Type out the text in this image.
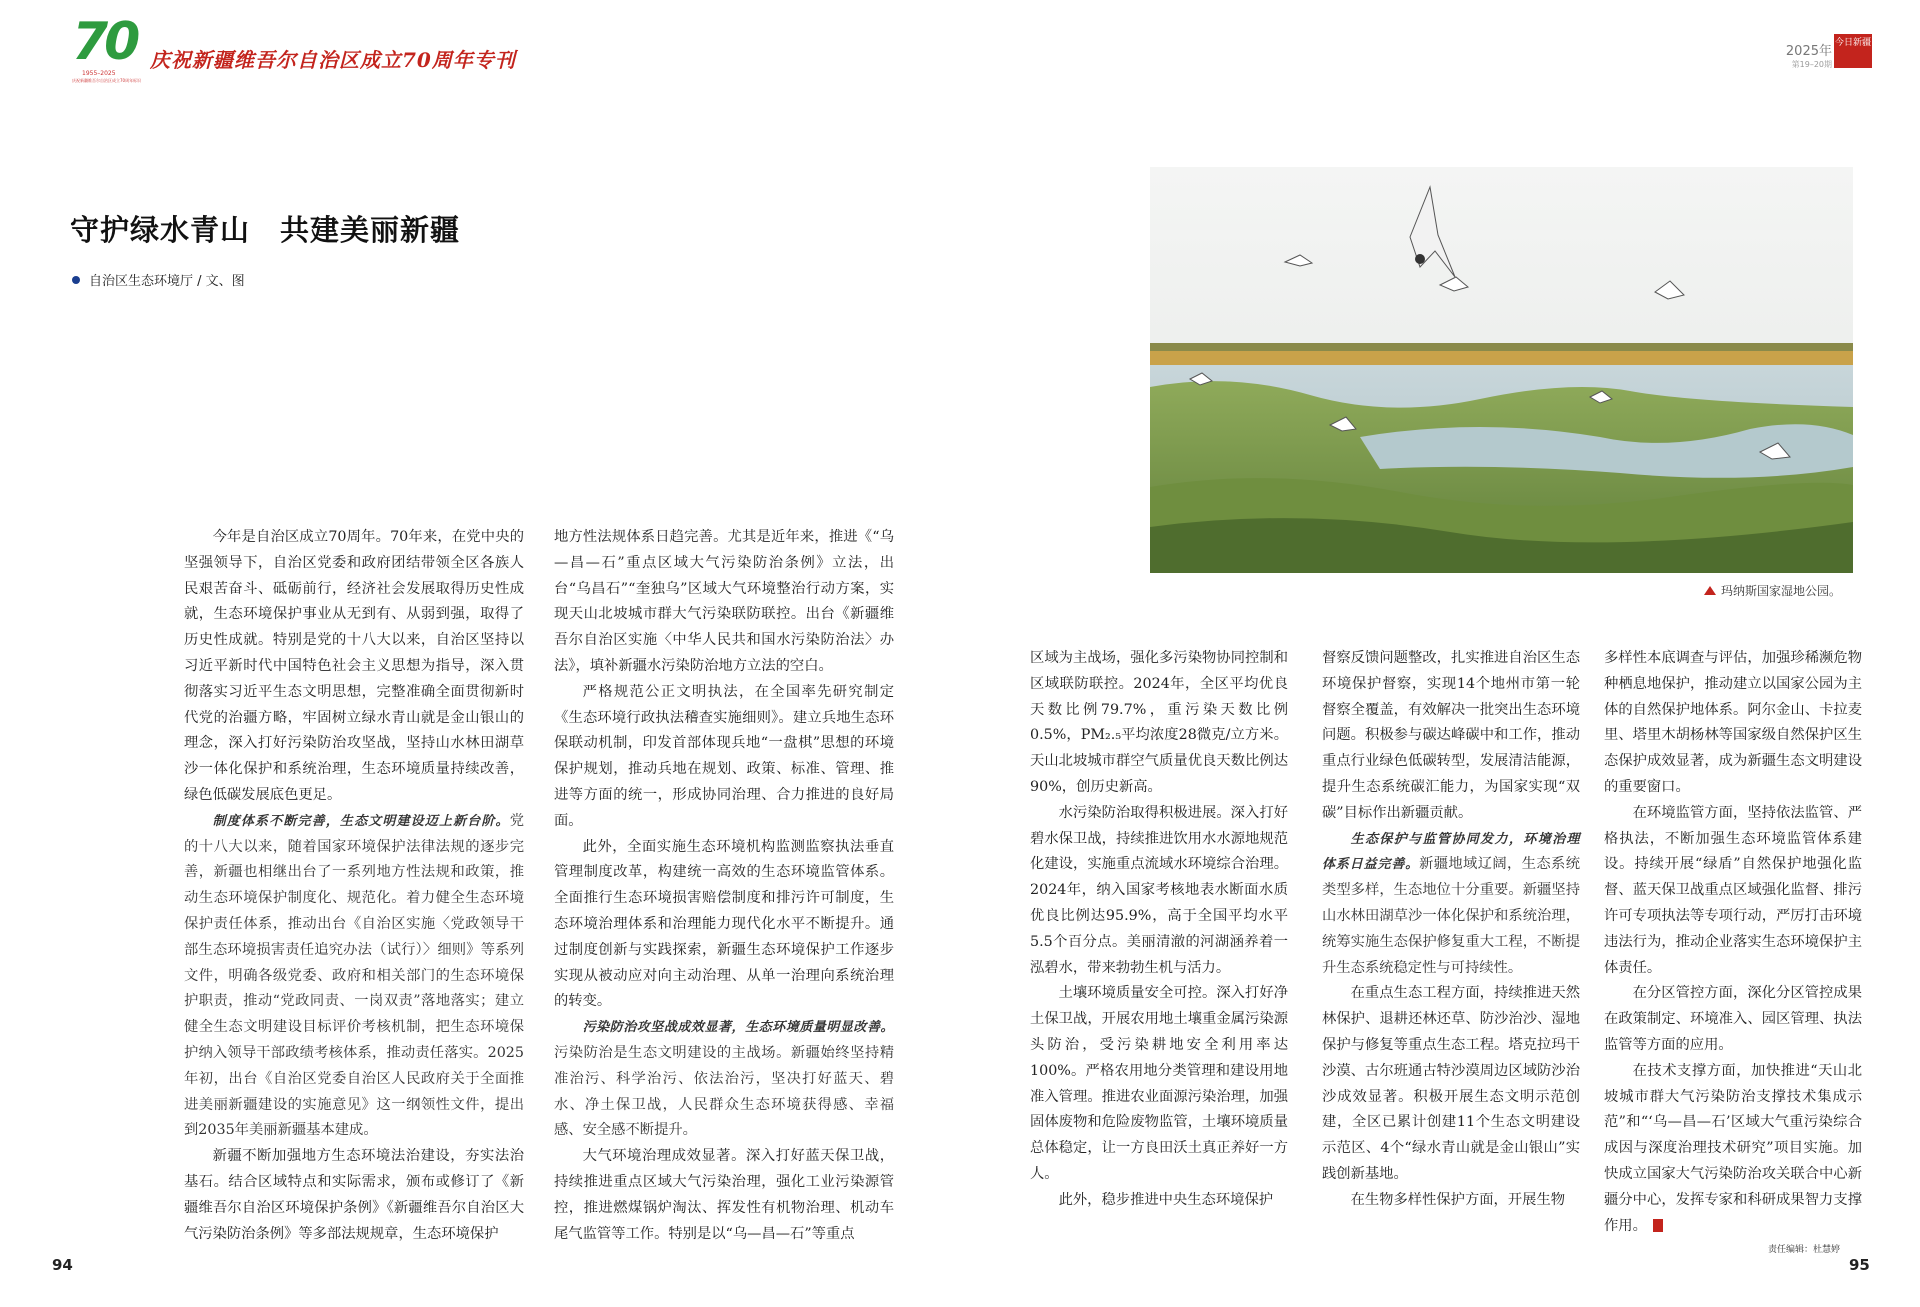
70
1955–2025
庆祝新疆维吾尔自治区成立70周年标识
庆祝新疆维吾尔自治区成立70周年专刊	2025年
第19–20期
今日新疆
守护绿水青山　共建美丽新疆
自治区生态环境厅 / 文、图
玛纳斯国家湿地公园。

今年是自治区成立70周年。70年来，在党中央的坚强领导下，自治区党委和政府团结带领全区各族人民艰苦奋斗、砥砺前行，经济社会发展取得历史性成就，生态环境保护事业从无到有、从弱到强，取得了历史性成就。特别是党的十八大以来，自治区坚持以习近平新时代中国特色社会主义思想为指导，深入贯彻落实习近平生态文明思想，完整准确全面贯彻新时代党的治疆方略，牢固树立绿水青山就是金山银山的理念，深入打好污染防治攻坚战，坚持山水林田湖草沙一体化保护和系统治理，生态环境质量持续改善，绿色低碳发展底色更足。

制度体系不断完善，生态文明建设迈上新台阶。党的十八大以来，随着国家环境保护法律法规的逐步完善，新疆也相继出台了一系列地方性法规和政策，推动生态环境保护制度化、规范化。着力健全生态环境保护责任体系，推动出台《自治区实施〈党政领导干部生态环境损害责任追究办法（试行）〉细则》等系列文件，明确各级党委、政府和相关部门的生态环境保护职责，推动“党政同责、一岗双责”落地落实；建立健全生态文明建设目标评价考核机制，把生态环境保护纳入领导干部政绩考核体系，推动责任落实。2025年初，出台《自治区党委自治区人民政府关于全面推进美丽新疆建设的实施意见》这一纲领性文件，提出到2035年美丽新疆基本建成。

新疆不断加强地方生态环境法治建设，夯实法治基石。结合区域特点和实际需求，颁布或修订了《新疆维吾尔自治区环境保护条例》《新疆维吾尔自治区大气污染防治条例》等多部法规规章，生态环境保护

地方性法规体系日趋完善。尤其是近年来，推进《“乌—昌—石”重点区域大气污染防治条例》立法，出台“乌昌石”“奎独乌”区域大气环境整治行动方案，实现天山北坡城市群大气污染联防联控。出台《新疆维吾尔自治区实施〈中华人民共和国水污染防治法〉办法》，填补新疆水污染防治地方立法的空白。

严格规范公正文明执法，在全国率先研究制定《生态环境行政执法稽查实施细则》。建立兵地生态环保联动机制，印发首部体现兵地“一盘棋”思想的环境保护规划，推动兵地在规划、政策、标准、管理、推进等方面的统一，形成协同治理、合力推进的良好局面。

此外，全面实施生态环境机构监测监察执法垂直管理制度改革，构建统一高效的生态环境监管体系。全面推行生态环境损害赔偿制度和排污许可制度，生态环境治理体系和治理能力现代化水平不断提升。通过制度创新与实践探索，新疆生态环境保护工作逐步实现从被动应对向主动治理、从单一治理向系统治理的转变。

污染防治攻坚战成效显著，生态环境质量明显改善。污染防治是生态文明建设的主战场。新疆始终坚持精准治污、科学治污、依法治污，坚决打好蓝天、碧水、净土保卫战，人民群众生态环境获得感、幸福感、安全感不断提升。

大气环境治理成效显著。深入打好蓝天保卫战，持续推进重点区域大气污染治理，强化工业污染源管控，推进燃煤锅炉淘汰、挥发性有机物治理、机动车尾气监管等工作。特别是以“乌—昌—石”等重点

区域为主战场，强化多污染物协同控制和区域联防联控。2024年，全区平均优良天数比例79.7%，重污染天数比例0.5%，PM₂.₅平均浓度28微克/立方米。天山北坡城市群空气质量优良天数比例达90%，创历史新高。

水污染防治取得积极进展。深入打好碧水保卫战，持续推进饮用水水源地规范化建设，实施重点流域水环境综合治理。2024年，纳入国家考核地表水断面水质优良比例达95.9%，高于全国平均水平5.5个百分点。美丽清澈的河湖涵养着一泓碧水，带来勃勃生机与活力。

土壤环境质量安全可控。深入打好净土保卫战，开展农用地土壤重金属污染源头防治，受污染耕地安全利用率达100%。严格农用地分类管理和建设用地准入管理。推进农业面源污染治理，加强固体废物和危险废物监管，土壤环境质量总体稳定，让一方良田沃土真正养好一方人。

此外，稳步推进中央生态环境保护

督察反馈问题整改，扎实推进自治区生态环境保护督察，实现14个地州市第一轮督察全覆盖，有效解决一批突出生态环境问题。积极参与碳达峰碳中和工作，推动重点行业绿色低碳转型，发展清洁能源，提升生态系统碳汇能力，为国家实现“双碳”目标作出新疆贡献。

生态保护与监管协同发力，环境治理体系日益完善。新疆地域辽阔，生态系统类型多样，生态地位十分重要。新疆坚持山水林田湖草沙一体化保护和系统治理，统筹实施生态保护修复重大工程，不断提升生态系统稳定性与可持续性。

在重点生态工程方面，持续推进天然林保护、退耕还林还草、防沙治沙、湿地保护与修复等重点生态工程。塔克拉玛干沙漠、古尔班通古特沙漠周边区域防沙治沙成效显著。积极开展生态文明示范创建，全区已累计创建11个生态文明建设示范区、4个“绿水青山就是金山银山”实践创新基地。

在生物多样性保护方面，开展生物

多样性本底调查与评估，加强珍稀濒危物种栖息地保护，推动建立以国家公园为主体的自然保护地体系。阿尔金山、卡拉麦里、塔里木胡杨林等国家级自然保护区生态保护成效显著，成为新疆生态文明建设的重要窗口。

在环境监管方面，坚持依法监管、严格执法，不断加强生态环境监管体系建设。持续开展“绿盾”自然保护地强化监督、蓝天保卫战重点区域强化监督、排污许可专项执法等专项行动，严厉打击环境违法行为，推动企业落实生态环境保护主体责任。

在分区管控方面，深化分区管控成果在政策制定、环境准入、园区管理、执法监管等方面的应用。

在技术支撑方面，加快推进“天山北坡城市群大气污染防治支撑技术集成示范”和“‘乌—昌—石’区域大气重污染综合成因与深度治理技术研究”项目实施。加快成立国家大气污染防治攻关联合中心新疆分中心，发挥专家和科研成果智力支撑作用。

94	95
责任编辑：杜慧婷
